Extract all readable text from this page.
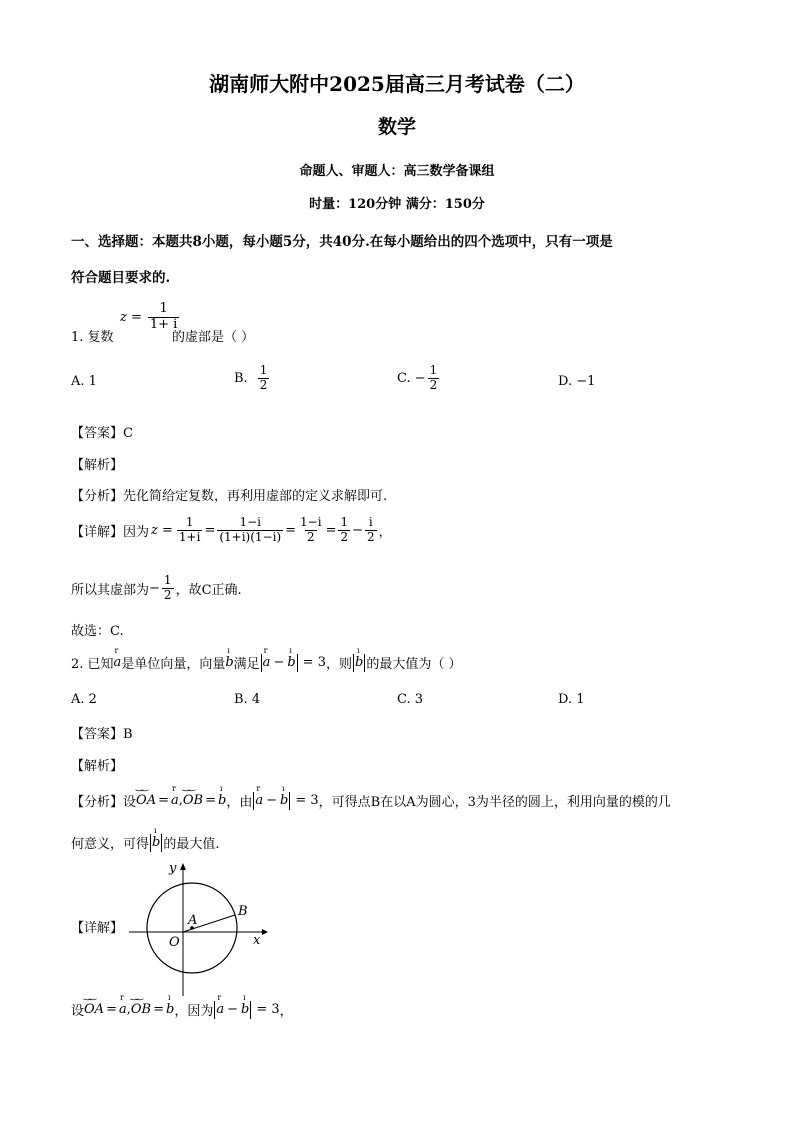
湖南师大附中2025届高三月考试卷（二）
数学
命题人、审题人：高三数学备课组
时量：120分钟 满分：150分
一、选择题：本题共8小题，每小题5分，共40分.在每小题给出的四个选项中，只有一项是
符合题目要求的.
1. 复数
$z = \frac{1}{1+ i}$
的虚部是（ ）
A. 1	B. $\frac{1}{2}$	C. − $\frac{1}{2}$	D. −1
【答案】C
【解析】
【分析】先化简给定复数，再利用虚部的定义求解即可.
【详解】 因为 $z = \frac{1}{1+i} = \frac{1-i}{(1+i)(1-i)} = \frac{1-i}{2} = \frac{1}{2} - \frac{i}{2}$ ，
所以其虚部为 − $\frac{1}{2}$ ，故C正确.
故选：C.
2. 已知 r a 是单位向量，向量 ı b 满足 r a − ı b = 3 ，则 ı b 的最大值为（ ）
A. 2	B. 4	C. 3	D. 1
【答案】B
【解析】
【分析】 设 ‿‿ OA = r a , ‿‿ OB = ı b ，由 r a − ı b = 3 ，可得点B在以A为圆心，3为半径的圆上，利用向量的模的几
何意义，可得 ı b 的最大值.
【详解】
y
x
O
A
B
设 ‿‿ OA = r a , ‿‿ OB = ı b ，因为 r a − ı b = 3 ，
